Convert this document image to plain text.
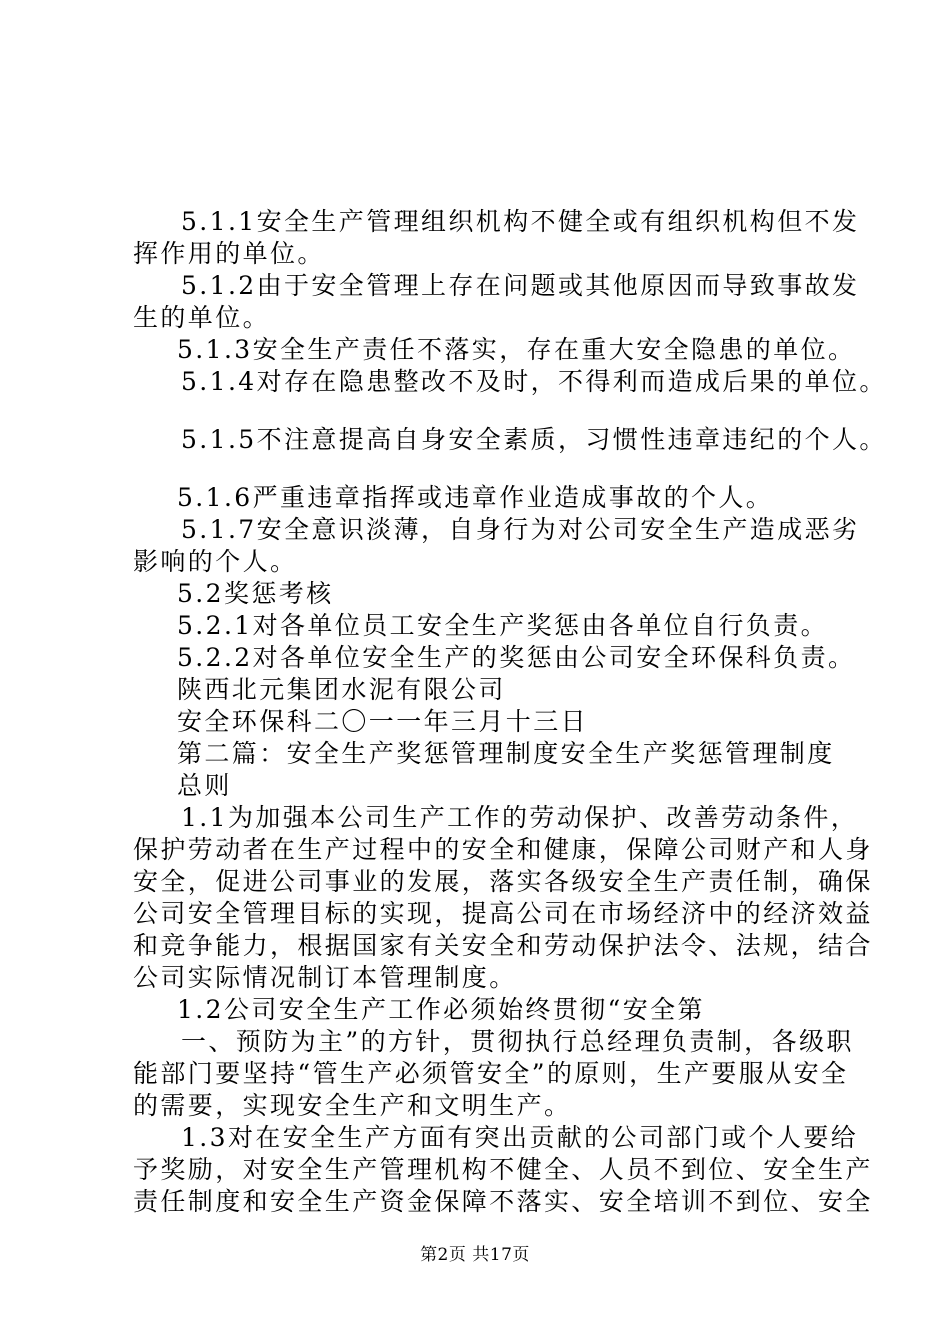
5.1.1安全生产管理组织机构不健全或有组织机构但不发
挥作用的单位。
5.1.2由于安全管理上存在问题或其他原因而导致事故发
生的单位。
5.1.3安全生产责任不落实，存在重大安全隐患的单位。
5.1.4对存在隐患整改不及时，不得利而造成后果的单位。
5.1.5不注意提高自身安全素质，习惯性违章违纪的个人。
5.1.6严重违章指挥或违章作业造成事故的个人。
5.1.7安全意识淡薄，自身行为对公司安全生产造成恶劣
影响的个人。
5.2奖惩考核
5.2.1对各单位员工安全生产奖惩由各单位自行负责。
5.2.2对各单位安全生产的奖惩由公司安全环保科负责。
陕西北元集团水泥有限公司
安全环保科二〇一一年三月十三日
第二篇：安全生产奖惩管理制度安全生产奖惩管理制度
总则
1.1为加强本公司生产工作的劳动保护、改善劳动条件，
保护劳动者在生产过程中的安全和健康，保障公司财产和人身
安全，促进公司事业的发展，落实各级安全生产责任制，确保
公司安全管理目标的实现，提高公司在市场经济中的经济效益
和竞争能力，根据国家有关安全和劳动保护法令、法规，结合
公司实际情况制订本管理制度。
1.2公司安全生产工作必须始终贯彻“安全第
一、预防为主”的方针，贯彻执行总经理负责制，各级职
能部门要坚持“管生产必须管安全”的原则，生产要服从安全
的需要，实现安全生产和文明生产。
1.3对在安全生产方面有突出贡献的公司部门或个人要给
予奖励，对安全生产管理机构不健全、人员不到位、安全生产
责任制度和安全生产资金保障不落实、安全培训不到位、安全
第2页 共17页
